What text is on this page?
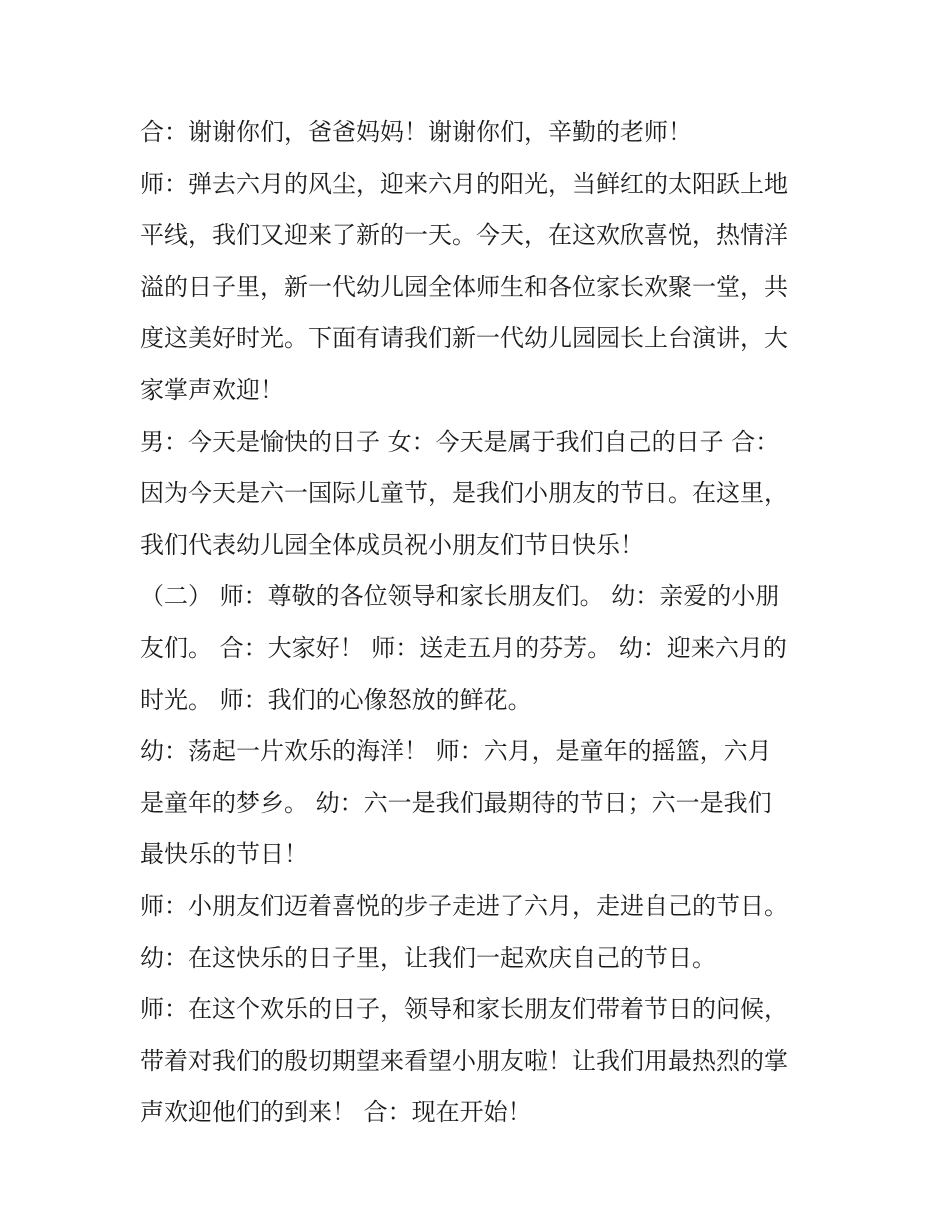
合：谢谢你们，爸爸妈妈！谢谢你们，辛勤的老师！

师：弹去六月的风尘，迎来六月的阳光，当鲜红的太阳跃上地
平线，我们又迎来了新的一天。今天，在这欢欣喜悦，热情洋
溢的日子里，新一代幼儿园全体师生和各位家长欢聚一堂，共
度这美好时光。下面有请我们新一代幼儿园园长上台演讲，大
家掌声欢迎！

男：今天是愉快的日子 女：今天是属于我们自己的日子 合：
因为今天是六一国际儿童节，是我们小朋友的节日。在这里，
我们代表幼儿园全体成员祝小朋友们节日快乐！

（二） 师：尊敬的各位领导和家长朋友们。 幼：亲爱的小朋
友们。 合：大家好！ 师：送走五月的芬芳。 幼：迎来六月的
时光。 师：我们的心像怒放的鲜花。

幼：荡起一片欢乐的海洋！ 师：六月，是童年的摇篮，六月
是童年的梦乡。 幼：六一是我们最期待的节日；六一是我们
最快乐的节日！

师：小朋友们迈着喜悦的步子走进了六月，走进自己的节日。

幼：在这快乐的日子里，让我们一起欢庆自己的节日。

师：在这个欢乐的日子，领导和家长朋友们带着节日的问候，
带着对我们的殷切期望来看望小朋友啦！让我们用最热烈的掌
声欢迎他们的到来！ 合：现在开始！
